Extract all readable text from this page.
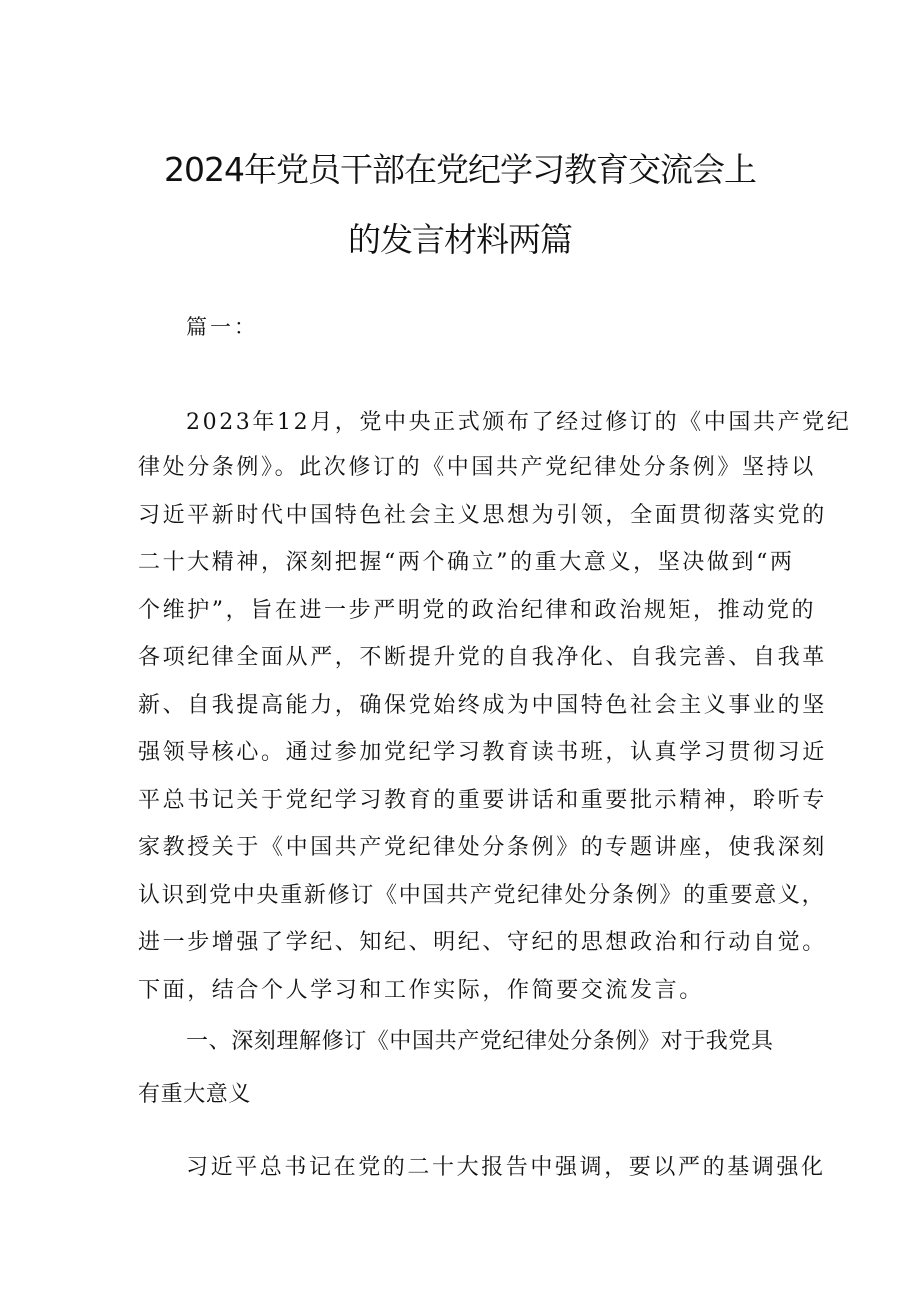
2024年党员干部在党纪学习教育交流会上
的发言材料两篇
篇一：
2023年12月，党中央正式颁布了经过修订的《中国共产党纪
律处分条例》。此次修订的《中国共产党纪律处分条例》坚持以
习近平新时代中国特色社会主义思想为引领，全面贯彻落实党的
二十大精神，深刻把握“两个确立”的重大意义，坚决做到“两
个维护”，旨在进一步严明党的政治纪律和政治规矩，推动党的
各项纪律全面从严，不断提升党的自我净化、自我完善、自我革
新、自我提高能力，确保党始终成为中国特色社会主义事业的坚
强领导核心。通过参加党纪学习教育读书班，认真学习贯彻习近
平总书记关于党纪学习教育的重要讲话和重要批示精神，聆听专
家教授关于《中国共产党纪律处分条例》的专题讲座，使我深刻
认识到党中央重新修订《中国共产党纪律处分条例》的重要意义，
进一步增强了学纪、知纪、明纪、守纪的思想政治和行动自觉。
下面，结合个人学习和工作实际，作简要交流发言。
一、深刻理解修订《中国共产党纪律处分条例》对于我党具
有重大意义
习近平总书记在党的二十大报告中强调，要以严的基调强化
